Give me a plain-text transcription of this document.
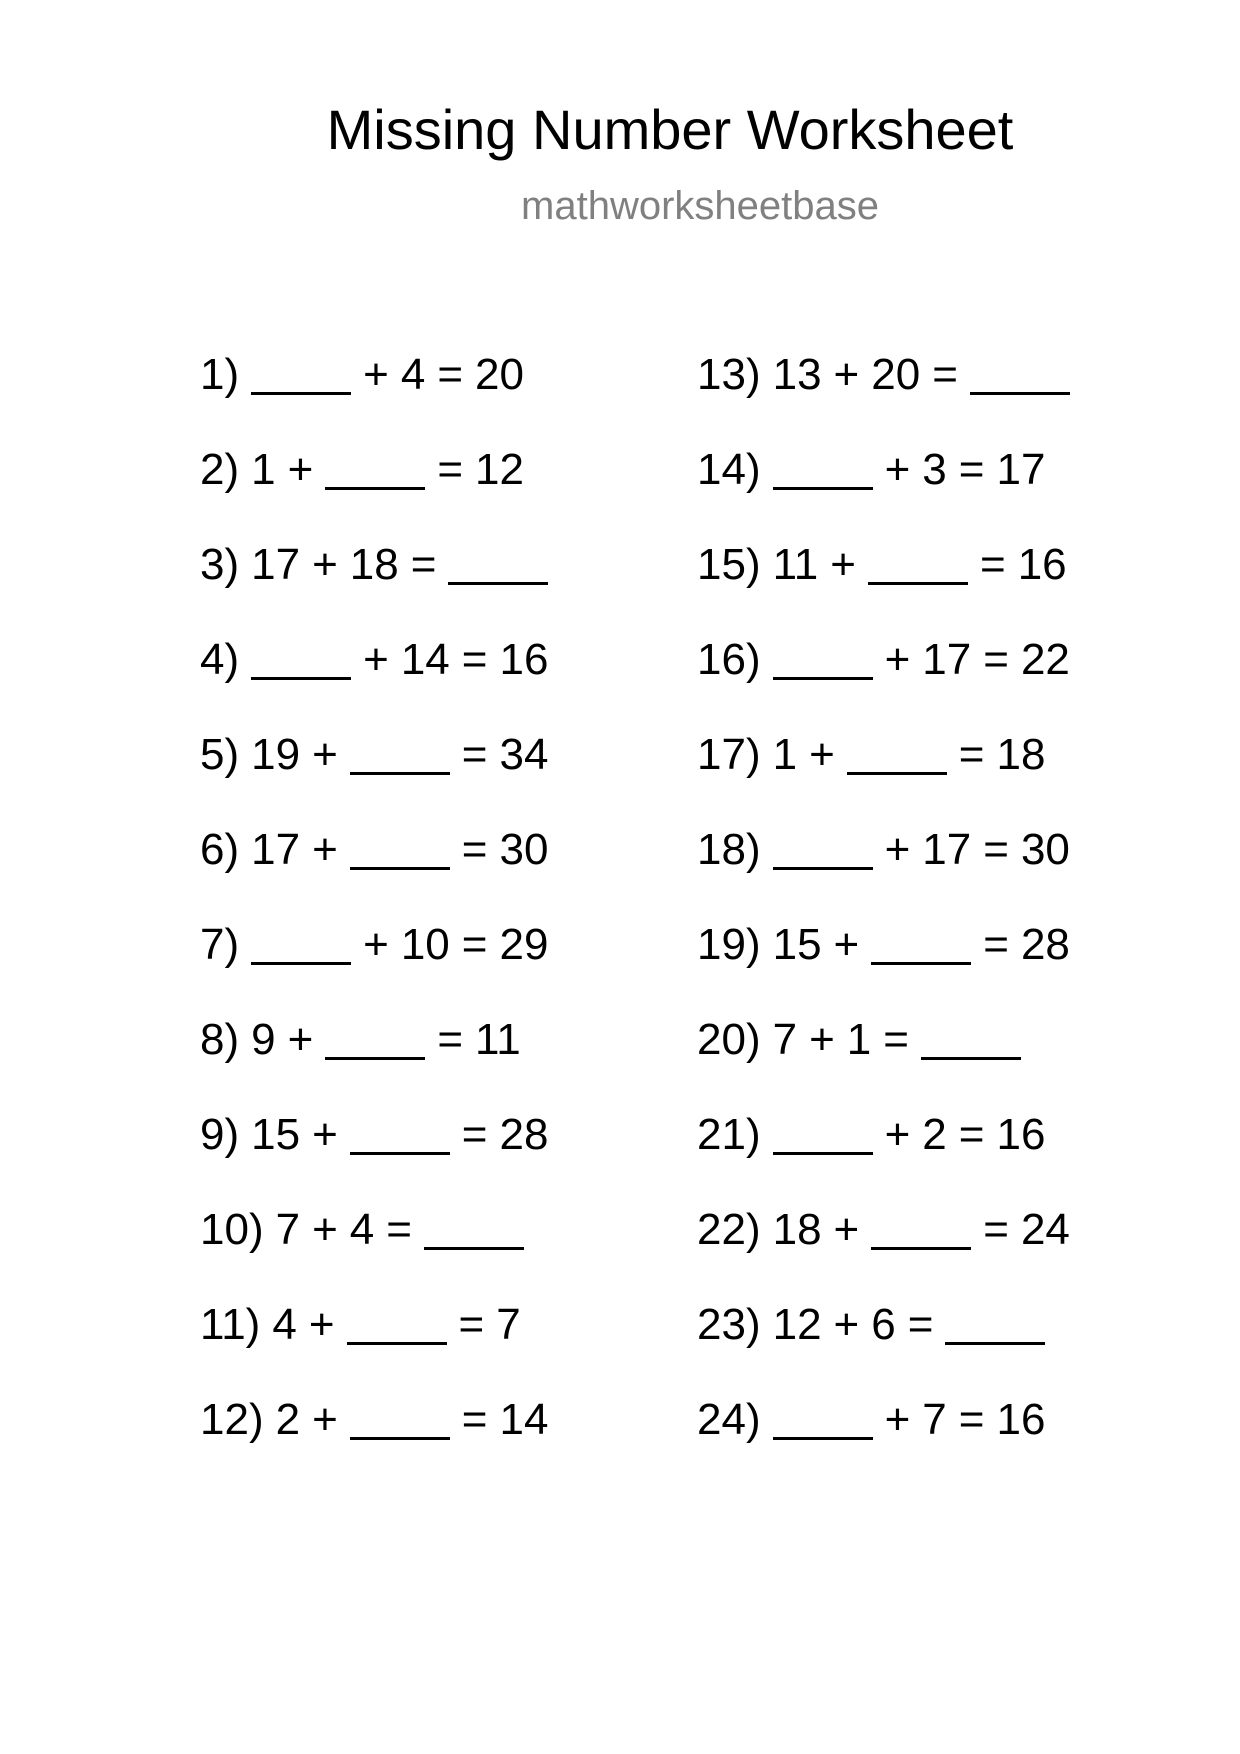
Missing Number Worksheet
mathworksheetbase
1)	+ 4 = 20
2) 1 +	= 12
3) 17 + 18 =
4)	+ 14 = 16
5) 19 +	= 34
6) 17 +	= 30
7)	+ 10 = 29
8) 9 +	= 11
9) 15 +	= 28
10) 7 + 4 =
11) 4 +	= 7
12) 2 +	= 14
13) 13 + 20 =
14)	+ 3 = 17
15) 11 +	= 16
16)	+ 17 = 22
17) 1 +	= 18
18)	+ 17 = 30
19) 15 +	= 28
20) 7 + 1 =
21)	+ 2 = 16
22) 18 +	= 24
23) 12 + 6 =
24)	+ 7 = 16
